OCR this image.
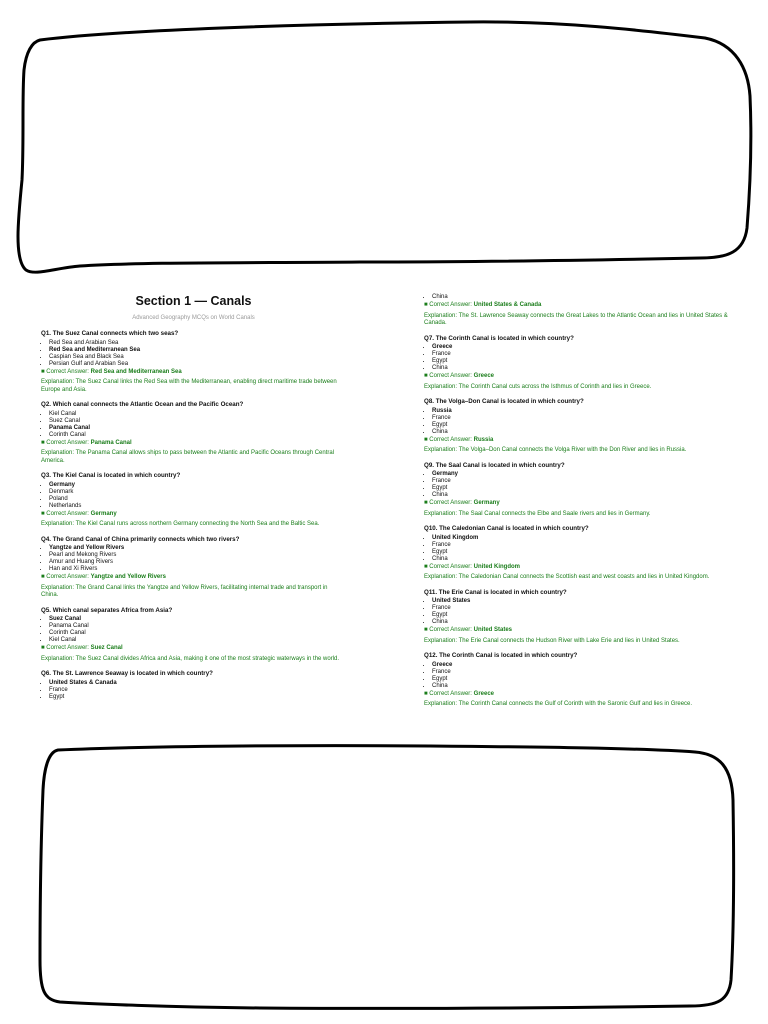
Section 1 — Canals
Advanced Geography MCQs on World Canals
Q1. The Suez Canal connects which two seas?
• Red Sea and Arabian Sea
• Red Sea and Mediterranean Sea
• Caspian Sea and Black Sea
• Persian Gulf and Arabian Sea
■ Correct Answer: Red Sea and Mediterranean Sea
Explanation: The Suez Canal links the Red Sea with the Mediterranean, enabling direct maritime trade between Europe and Asia.
Q2. Which canal connects the Atlantic Ocean and the Pacific Ocean?
• Kiel Canal
• Suez Canal
• Panama Canal
• Corinth Canal
■ Correct Answer: Panama Canal
Explanation: The Panama Canal allows ships to pass between the Atlantic and Pacific Oceans through Central America.
Q3. The Kiel Canal is located in which country?
• Germany
• Denmark
• Poland
• Netherlands
■ Correct Answer: Germany
Explanation: The Kiel Canal runs across northern Germany connecting the North Sea and the Baltic Sea.
Q4. The Grand Canal of China primarily connects which two rivers?
• Yangtze and Yellow Rivers
• Pearl and Mekong Rivers
• Amur and Huang Rivers
• Han and Xi Rivers
■ Correct Answer: Yangtze and Yellow Rivers
Explanation: The Grand Canal links the Yangtze and Yellow Rivers, facilitating internal trade and transport in China.
Q5. Which canal separates Africa from Asia?
• Suez Canal
• Panama Canal
• Corinth Canal
• Kiel Canal
■ Correct Answer: Suez Canal
Explanation: The Suez Canal divides Africa and Asia, making it one of the most strategic waterways in the world.
Q6. The St. Lawrence Seaway is located in which country?
• United States & Canada
• France
• Egypt
• China
■ Correct Answer: United States & Canada
Explanation: The St. Lawrence Seaway connects the Great Lakes to the Atlantic Ocean and lies in United States & Canada.
Q7. The Corinth Canal is located in which country?
• Greece
• France
• Egypt
• China
■ Correct Answer: Greece
Explanation: The Corinth Canal cuts across the Isthmus of Corinth and lies in Greece.
Q8. The Volga–Don Canal is located in which country?
• Russia
• France
• Egypt
• China
■ Correct Answer: Russia
Explanation: The Volga–Don Canal connects the Volga River with the Don River and lies in Russia.
Q9. The Saal Canal is located in which country?
• Germany
• France
• Egypt
• China
■ Correct Answer: Germany
Explanation: The Saal Canal connects the Elbe and Saale rivers and lies in Germany.
Q10. The Caledonian Canal is located in which country?
• United Kingdom
• France
• Egypt
• China
■ Correct Answer: United Kingdom
Explanation: The Caledonian Canal connects the Scottish east and west coasts and lies in United Kingdom.
Q11. The Erie Canal is located in which country?
• United States
• France
• Egypt
• China
■ Correct Answer: United States
Explanation: The Erie Canal connects the Hudson River with Lake Erie and lies in United States.
Q12. The Corinth Canal is located in which country?
• Greece
• France
• Egypt
• China
■ Correct Answer: Greece
Explanation: The Corinth Canal connects the Gulf of Corinth with the Saronic Gulf and lies in Greece.
